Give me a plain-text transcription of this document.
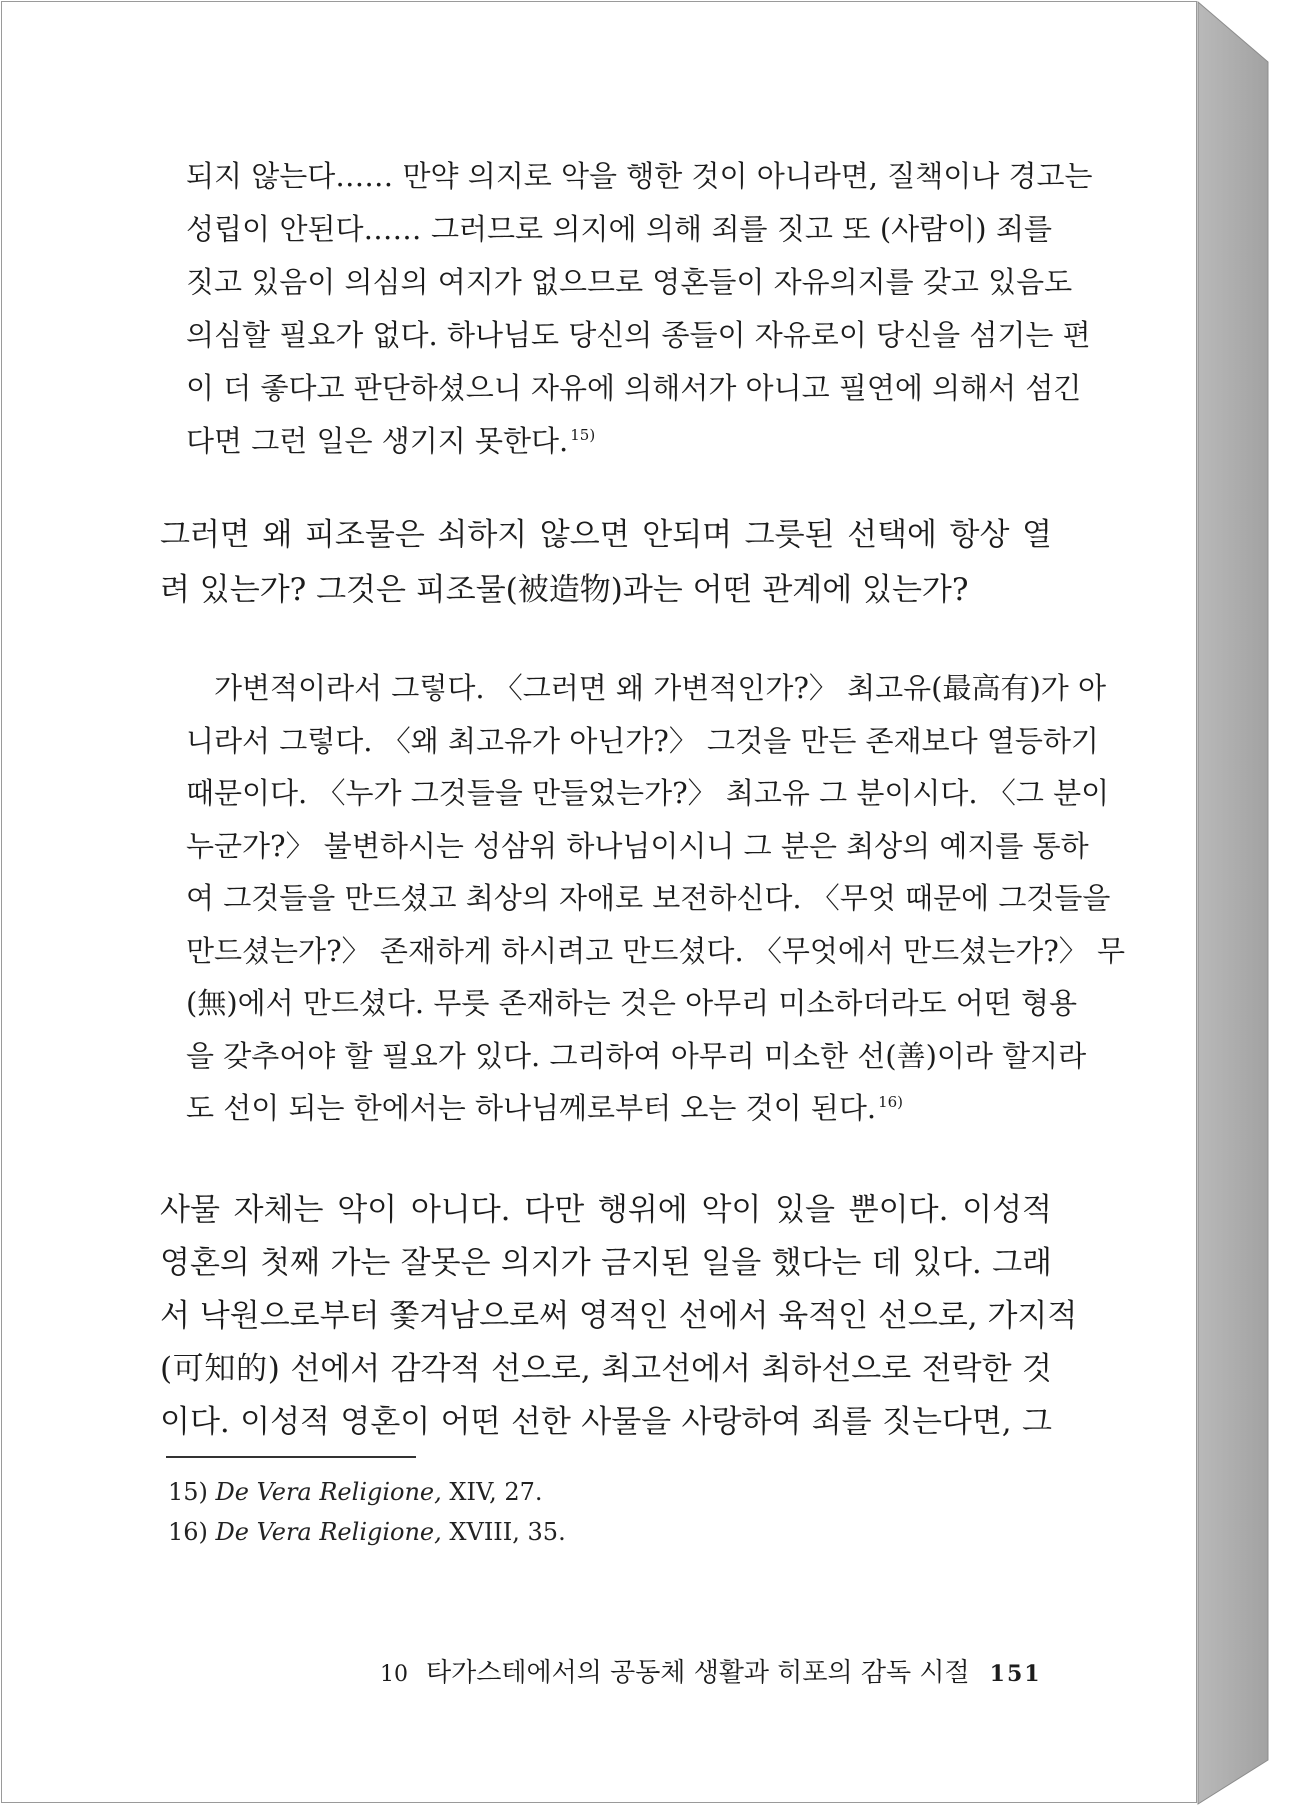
되지 않는다…… 만약 의지로 악을 행한 것이 아니라면, 질책이나 경고는
성립이 안된다…… 그러므로 의지에 의해 죄를 짓고 또 (사람이) 죄를
짓고 있음이 의심의 여지가 없으므로 영혼들이 자유의지를 갖고 있음도
의심할 필요가 없다. 하나님도 당신의 종들이 자유로이 당신을 섬기는 편
이 더 좋다고 판단하셨으니 자유에 의해서가 아니고 필연에 의해서 섬긴
다면 그런 일은 생기지 못한다. $^{15)}$
그러면 왜 피조물은 쇠하지 않으면 안되며 그릇된 선택에 항상 열
려 있는가? 그것은 피조물(被造物)과는 어떤 관계에 있는가?
가변적이라서 그렇다. 〈그러면 왜 가변적인가?〉 최고유(最高有)가 아
니라서 그렇다. 〈왜 최고유가 아닌가?〉 그것을 만든 존재보다 열등하기
때문이다. 〈누가 그것들을 만들었는가?〉 최고유 그 분이시다. 〈그 분이
누군가?〉 불변하시는 성삼위 하나님이시니 그 분은 최상의 예지를 통하
여 그것들을 만드셨고 최상의 자애로 보전하신다. 〈무엇 때문에 그것들을
만드셨는가?〉 존재하게 하시려고 만드셨다. 〈무엇에서 만드셨는가?〉 무
(無)에서 만드셨다. 무릇 존재하는 것은 아무리 미소하더라도 어떤 형용
을 갖추어야 할 필요가 있다. 그리하여 아무리 미소한 선(善)이라 할지라
도 선이 되는 한에서는 하나님께로부터 오는 것이 된다. $^{16)}$
사물 자체는 악이 아니다. 다만 행위에 악이 있을 뿐이다. 이성적
영혼의 첫째 가는 잘못은 의지가 금지된 일을 했다는 데 있다. 그래
서 낙원으로부터 쫓겨남으로써 영적인 선에서 육적인 선으로, 가지적
(可知的) 선에서 감각적 선으로, 최고선에서 최하선으로 전락한 것
이다. 이성적 영혼이 어떤 선한 사물을 사랑하여 죄를 짓는다면, 그
15) De Vera Religione, XIV, 27.
16) De Vera Religione, XVIII, 35.
10 타가스테에서의 공동체 생활과 히포의 감독 시절 151
